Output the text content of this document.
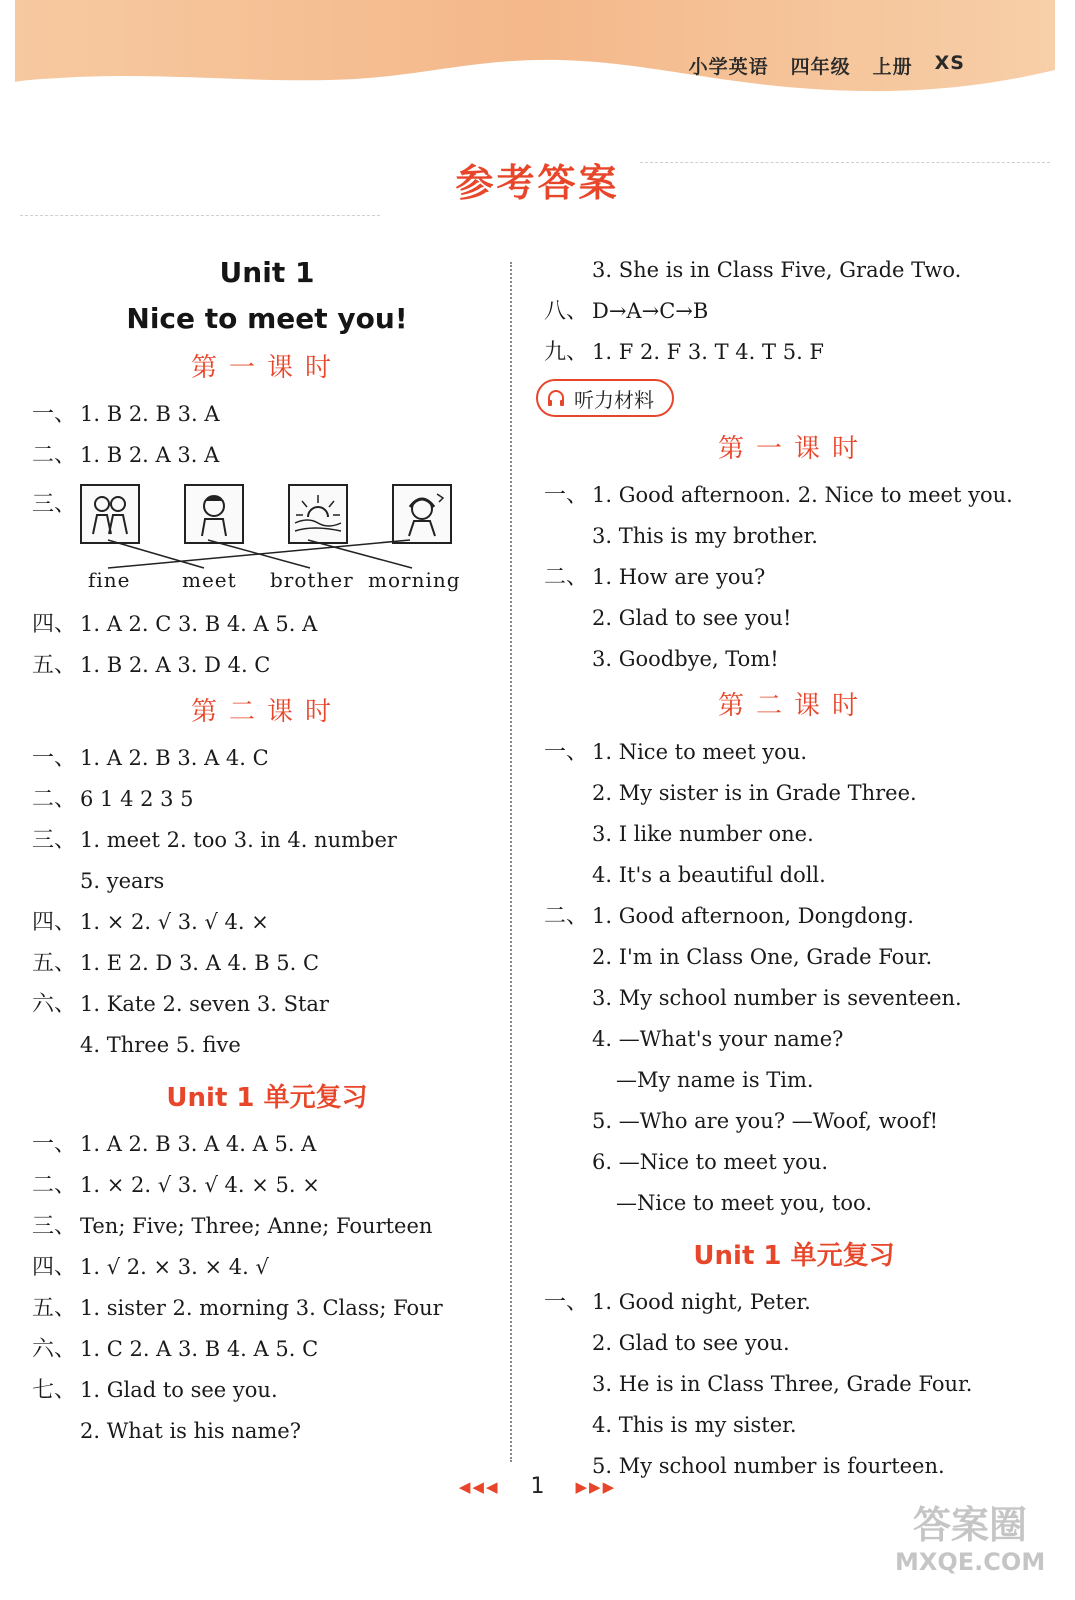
小学英语 四年级 上册 XS
参考答案
Unit 1
Nice to meet you!
第一课时
一、 1. B 2. B 3. A
二、 1. B 2. A 3. A
三、
fine	meet brother morning
四、 1. A 2. C 3. B 4. A 5. A
五、 1. B 2. A 3. D 4. C
第二课时
一、 1. A 2. B 3. A 4. C
二、 6 1 4 2 3 5
三、 1. meet 2. too 3. in 4. number
5. years
四、 1. × 2. √ 3. √ 4. ×
五、 1. E 2. D 3. A 4. B 5. C
六、 1. Kate 2. seven 3. Star
4. Three 5. five
Unit 1 单元复习
一、 1. A 2. B 3. A 4. A 5. A
二、 1. × 2. √ 3. √ 4. × 5. ×
三、 Ten; Five; Three; Anne; Fourteen
四、 1. √ 2. × 3. × 4. √
五、 1. sister 2. morning 3. Class; Four
六、 1. C 2. A 3. B 4. A 5. C
七、 1. Glad to see you.
2. What is his name?
3. She is in Class Five, Grade Two.
八、 D→A→C→B
九、 1. F 2. F 3. T 4. T 5. F
听力材料
第一课时
一、 1. Good afternoon. 2. Nice to meet you.
3. This is my brother.
二、 1. How are you?
2. Glad to see you!
3. Goodbye, Tom!
第二课时
一、 1. Nice to meet you.
2. My sister is in Grade Three.
3. I like number one.
4. It's a beautiful doll.
二、 1. Good afternoon, Dongdong.
2. I'm in Class One, Grade Four.
3. My school number is seventeen.
4. —What's your name?
—My name is Tim.
5. —Who are you? —Woof, woof!
6. —Nice to meet you.
—Nice to meet you, too.
Unit 1 单元复习
一、 1. Good night, Peter.
2. Glad to see you.
3. He is in Class Three, Grade Four.
4. This is my sister.
5. My school number is fourteen.
◀◀◀ 1 ▶▶▶
答案圈
MXQE.COM
